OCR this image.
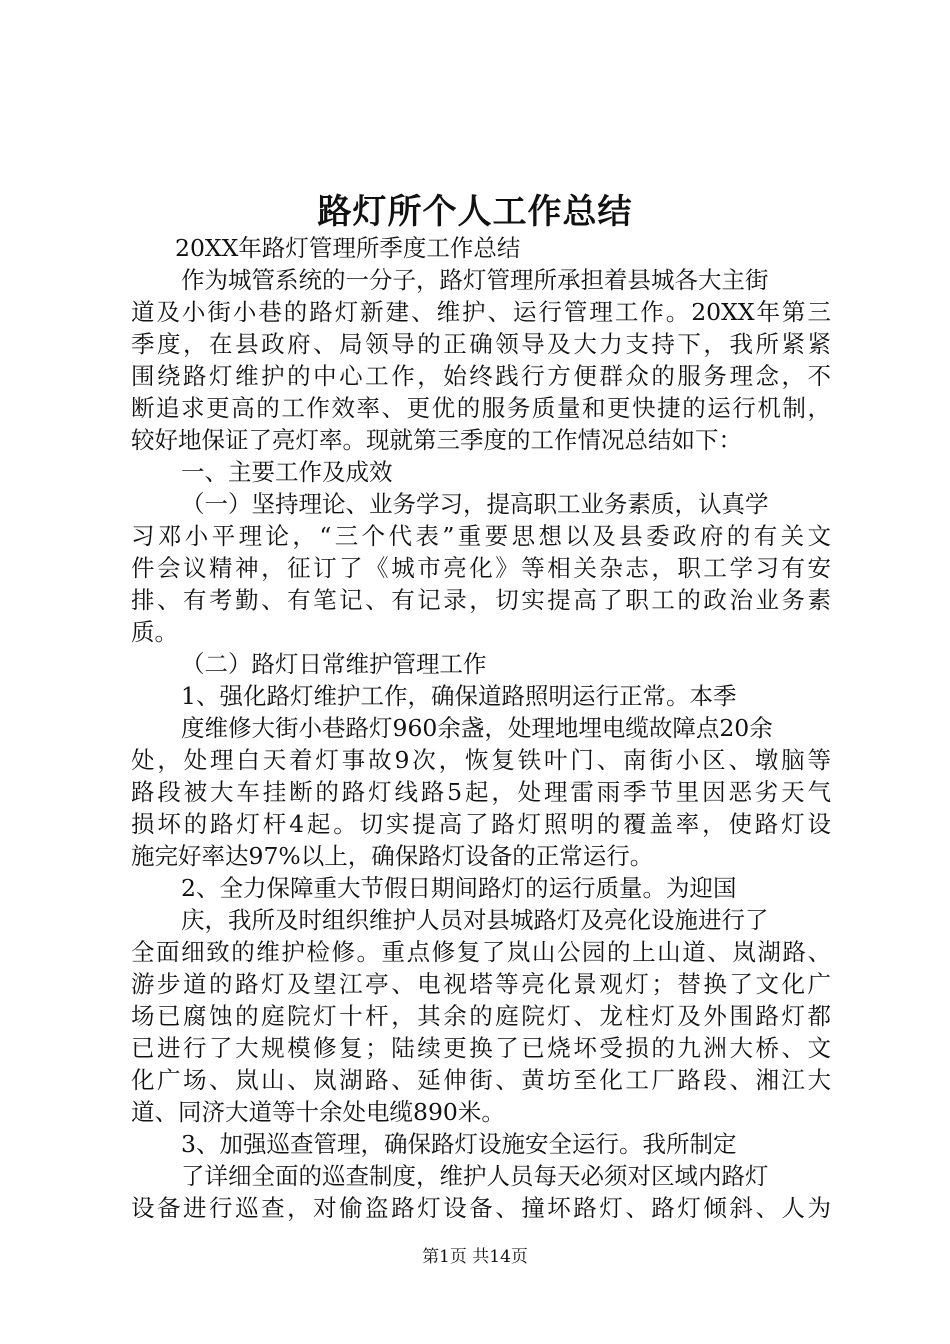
路灯所个人工作总结
20XX年路灯管理所季度工作总结
作为城管系统的一分子，路灯管理所承担着县城各大主街
道及小街小巷的路灯新建、维护、运行管理工作。20XX年第三
季度，在县政府、局领导的正确领导及大力支持下，我所紧紧
围绕路灯维护的中心工作，始终践行方便群众的服务理念，不
断追求更高的工作效率、更优的服务质量和更快捷的运行机制，
较好地保证了亮灯率。现就第三季度的工作情况总结如下：
一、主要工作及成效
（一）坚持理论、业务学习，提高职工业务素质，认真学
习邓小平理论，“三个代表”重要思想以及县委政府的有关文
件会议精神，征订了《城市亮化》等相关杂志，职工学习有安
排、有考勤、有笔记、有记录，切实提高了职工的政治业务素
质。
（二）路灯日常维护管理工作
1、强化路灯维护工作，确保道路照明运行正常。本季
度维修大街小巷路灯960余盏，处理地埋电缆故障点20余
处，处理白天着灯事故9次，恢复铁叶门、南街小区、墩脑等
路段被大车挂断的路灯线路5起，处理雷雨季节里因恶劣天气
损坏的路灯杆4起。切实提高了路灯照明的覆盖率，使路灯设
施完好率达97%以上，确保路灯设备的正常运行。
2、全力保障重大节假日期间路灯的运行质量。为迎国
庆，我所及时组织维护人员对县城路灯及亮化设施进行了
全面细致的维护检修。重点修复了岚山公园的上山道、岚湖路、
游步道的路灯及望江亭、电视塔等亮化景观灯；替换了文化广
场已腐蚀的庭院灯十杆，其余的庭院灯、龙柱灯及外围路灯都
已进行了大规模修复；陆续更换了已烧坏受损的九洲大桥、文
化广场、岚山、岚湖路、延伸街、黄坊至化工厂路段、湘江大
道、同济大道等十余处电缆890米。
3、加强巡查管理，确保路灯设施安全运行。我所制定
了详细全面的巡查制度，维护人员每天必须对区域内路灯
设备进行巡查，对偷盗路灯设备、撞坏路灯、路灯倾斜、人为
第1页 共14页
